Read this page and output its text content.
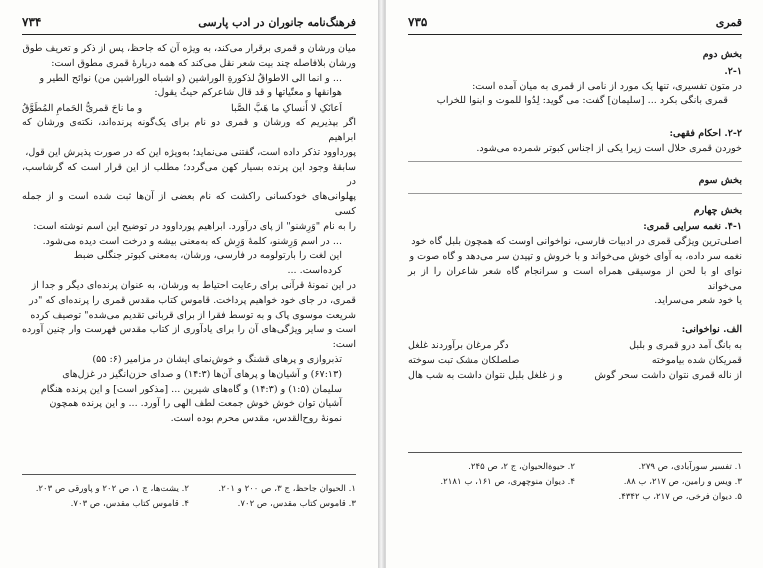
فرهنگ‌نامه جانوران در ادب پارسی
۷۳۴

میان ورشان و قمری برقرار می‌کند، به ویژه آن که جاحظ، پس از ذکر و تعریف طوق

ورشان بلافاصله چند بیت شعر نقل می‌کند که همه دربارهٔ قمری مطوق است:

... و انما الی الاطواقُ لذکورةِ الوراشین (و اشباه الوراشین من) نوائح الطیر و

هوانقها و معتّیاتها و قد قال شاعرکم حیثُ یقول:

اَعانَکِ لا أَنساکِ ما هَبَّ الصَّبا
و ما ناحَ قمریُّ الحَمامِ المُطَوَّقُ

اگر بپذیریم که ورشان و قمری دو نام برای یک‌گونه پرنده‌اند، نکته‌ی ورشان که ابراهیم

پورداوود تذکر داده است، گفتنی می‌نماید؛ به‌ویژه این که در صورت پذیرش این قول،

سابقهٔ وجود این پرنده بسیار کهن می‌گردد؛ مطلب از این قرار است که گرشاسب، در

پهلوانی‌های خودکسانی راکشت که نام بعضی از آن‌ها ثبت شده است و از جمله کسی

را به نام "وَرِشنو" از پای درآورد. ابراهیم پورداوود در توضیح این اسم نوشته است:

... در اسم وَرِشنو، کلمهٔ وَرِش که به‌معنی بیشه و درخت است دیده می‌شود.

این لغت را بارتولومه در فارسی، ورشان، به‌معنی کبوتر جنگلی ضبط

کرده‌است. ...

در این نمونهٔ قرآنی برای رعایت احتیاط به ورشان، به عنوان پرنده‌ای دیگر و جدا از

قمری، در جای خود خواهیم پرداخت. قاموس کتاب مقدس قمری را پرنده‌ای که "در

شریعت موسوی پاک و به توسط فقرا از برای قربانی تقدیم می‌شده" توصیف کرده

است و سایر ویژگی‌های آن را برای یادآوری از کتاب مقدس فهرست وار چنین آورده است:

تذبروازی و پرهای قشنگ و خوش‌نمای ایشان در مزامیر (۶: ۵۵)

(۶۷:۱۳) و آشیان‌ها و پرهای آن‌ها (۱۴:۳) و صدای حزن‌انگیز در غزل‌های

سلیمان (۱:۵) و (۱۴:۳) و گاه‌های شیرین ... [مذکور است] و این پرنده هنگام

آشیان توان خوش خوش جمعت لطف الهی را آورد. ... و این پرنده همچون

نمونهٔ روح‌القدس، مقدس محرم بوده است.

۱. الحیوان جاحظ، ج ۳، ص ۲۰۰ و ۲۰۱.
۲. یشت‌ها، ج ۱، ص ۲۰۲ و پاورقی ص ۲۰۳.
۳. قاموس کتاب مقدس، ص ۷۰۲.
۴. قاموس کتاب مقدس، ص ۷۰۳.
قمری
۷۳۵

بخش دوم

۲-۱.

در متون تفسیری، تنها یک مورد از نامی از قمری به میان آمده است:

قمری بانگی بکرد ... [سلیمان] گفت: می گوید: لِدُوا للموت و ابنوا للخراب

۲-۲. احکام فقهی:

خوردن قمری حلال است زیرا یکی از اجناس کبوتر شمرده می‌شود.

بخش سوم

بخش چهارم

۴-۱. نغمه سرایی قمری:

اصلی‌ترین ویژگی قمری در ادبیات فارسی، نواخوانی اوست که همچون بلبل گاه خود

نغمه سر داده، به آوای خوش می‌خواند و با خروش و تپیدن سر می‌دهد و گاه صوت و

نوای او با لحن از موسیقی همراه است و سرانجام گاه شعر شاعران را از بر می‌خواند

یا خود شعر می‌سراید.

الف. نواخوانی:

به بانگ آمد درو قمری و بلبل
دگر مرغان برآوردند غلغل
قمریکان شده بیاموخته
صلصلکان مشک تبت سوخته
از ناله قمری نتوان داشت سحر گوش
و ز غلغل بلبل نتوان داشت به شب هال
۱. تفسیر سورآبادی، ص ۲۷۹.
۲. حیوةالحیوان، ج ۲، ص ۲۴۵.
۳. ویس و رامین، ص ۲۱۷، ب ۸۸.
۴. دیوان منوچهری، ص ۱۶۱، ب ۲۱۸۱.
۵. دیوان فرخی، ص ۲۱۷، ب ۴۳۴۲.
